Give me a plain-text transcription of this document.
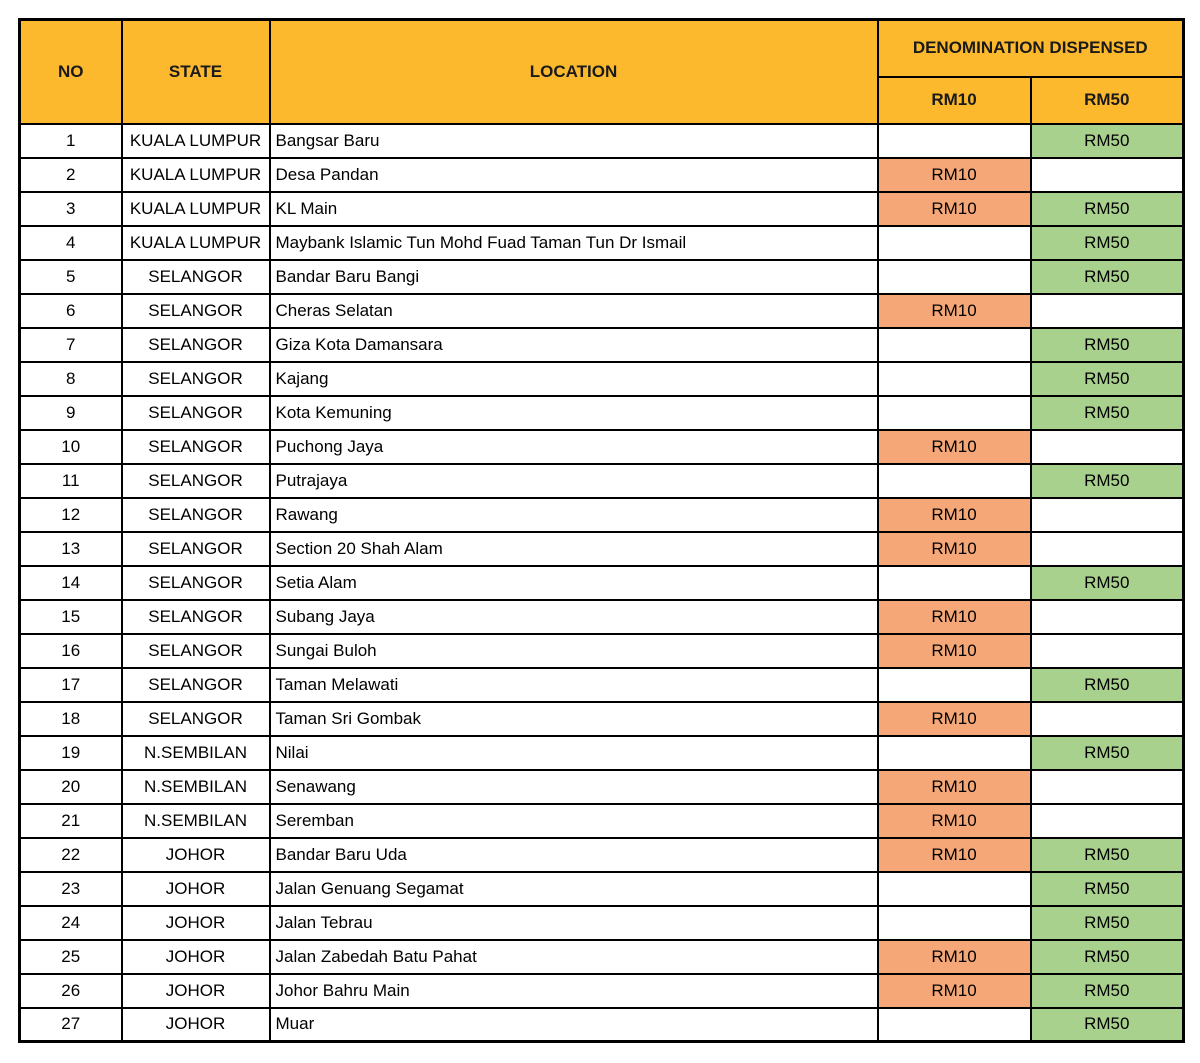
NO	STATE	LOCATION	DENOMINATION DISPENSED	
			RM10	RM50
1	KUALA LUMPUR	Bangsar Baru		RM50
2	KUALA LUMPUR	Desa Pandan	RM10	
3	KUALA LUMPUR	KL Main	RM10	RM50
4	KUALA LUMPUR	Maybank Islamic Tun Mohd Fuad Taman Tun Dr Ismail		RM50
5	SELANGOR	Bandar Baru Bangi		RM50
6	SELANGOR	Cheras Selatan	RM10	
7	SELANGOR	Giza Kota Damansara		RM50
8	SELANGOR	Kajang		RM50
9	SELANGOR	Kota Kemuning		RM50
10	SELANGOR	Puchong Jaya	RM10	
11	SELANGOR	Putrajaya		RM50
12	SELANGOR	Rawang	RM10	
13	SELANGOR	Section 20 Shah Alam	RM10	
14	SELANGOR	Setia Alam		RM50
15	SELANGOR	Subang Jaya	RM10	
16	SELANGOR	Sungai Buloh	RM10	
17	SELANGOR	Taman Melawati		RM50
18	SELANGOR	Taman Sri Gombak	RM10	
19	N.SEMBILAN	Nilai		RM50
20	N.SEMBILAN	Senawang	RM10	
21	N.SEMBILAN	Seremban	RM10	
22	JOHOR	Bandar Baru Uda	RM10	RM50
23	JOHOR	Jalan Genuang Segamat		RM50
24	JOHOR	Jalan Tebrau		RM50
25	JOHOR	Jalan Zabedah Batu Pahat	RM10	RM50
26	JOHOR	Johor Bahru Main	RM10	RM50
27	JOHOR	Muar		RM50
